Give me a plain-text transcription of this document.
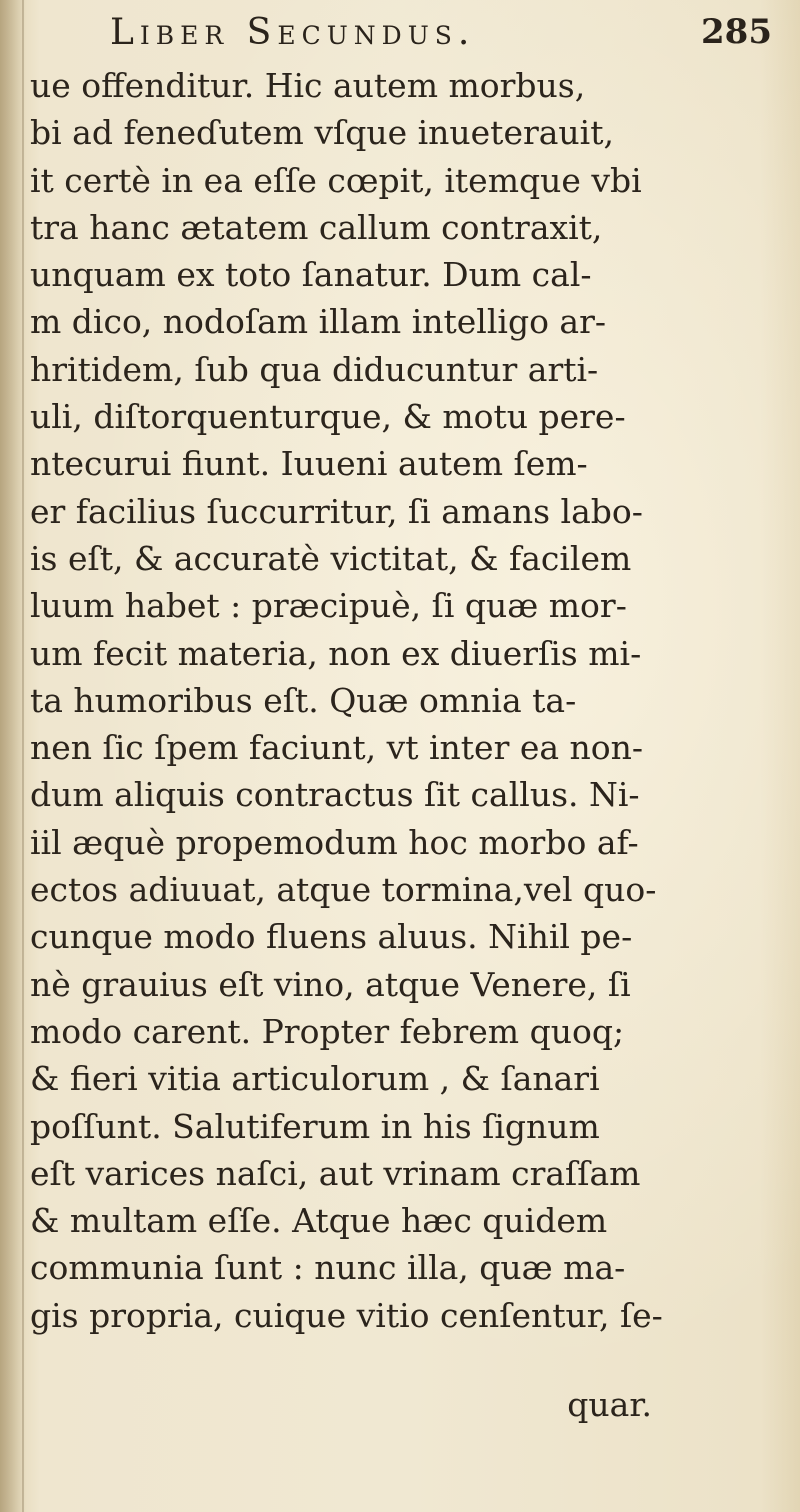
Liber Secundus.	285
ue offenditur. Hic autem morbus,
bi ad feneɗutem vſque inueterauit,
it certè in ea eſſe cœpit, itemque vbi
tra hanc ætatem callum contraxit,
unquam ex toto ſanatur. Dum cal-
m dico, nodoſam illam intelligo ar-
hritidem, ſub qua diducuntur arti-
uli, diſtorquenturque, & motu pere-
ntecurui fiunt. Iuueni autem ſem-
er facilius ſuccurritur, ſi amans labo-
is eſt, & accuratè victitat, & facilem
luum habet : præcipuè, ſi quæ mor-
um fecit materia, non ex diuerſis mi-
ta humoribus eſt. Quæ omnia ta-
nen ſic ſpem faciunt, vt inter ea non-
dum aliquis contractus ſit callus. Ni-
iil æquè propemodum hoc morbo af-
ectos adiuuat, atque tormina,vel quo-
cunque modo fluens aluus. Nihil pe-
nè grauius eſt vino, atque Venere, ſi
modo carent. Propter febrem quoq;
& fieri vitia articulorum , & ſanari
poſſunt. Salutiferum in his ſignum
eſt varices naſci, aut vrinam craſſam
& multam eſſe. Atque hæc quidem
communia ſunt : nunc illa, quæ ma-
gis propria, cuique vitio cenſentur, ſe-
quar.
